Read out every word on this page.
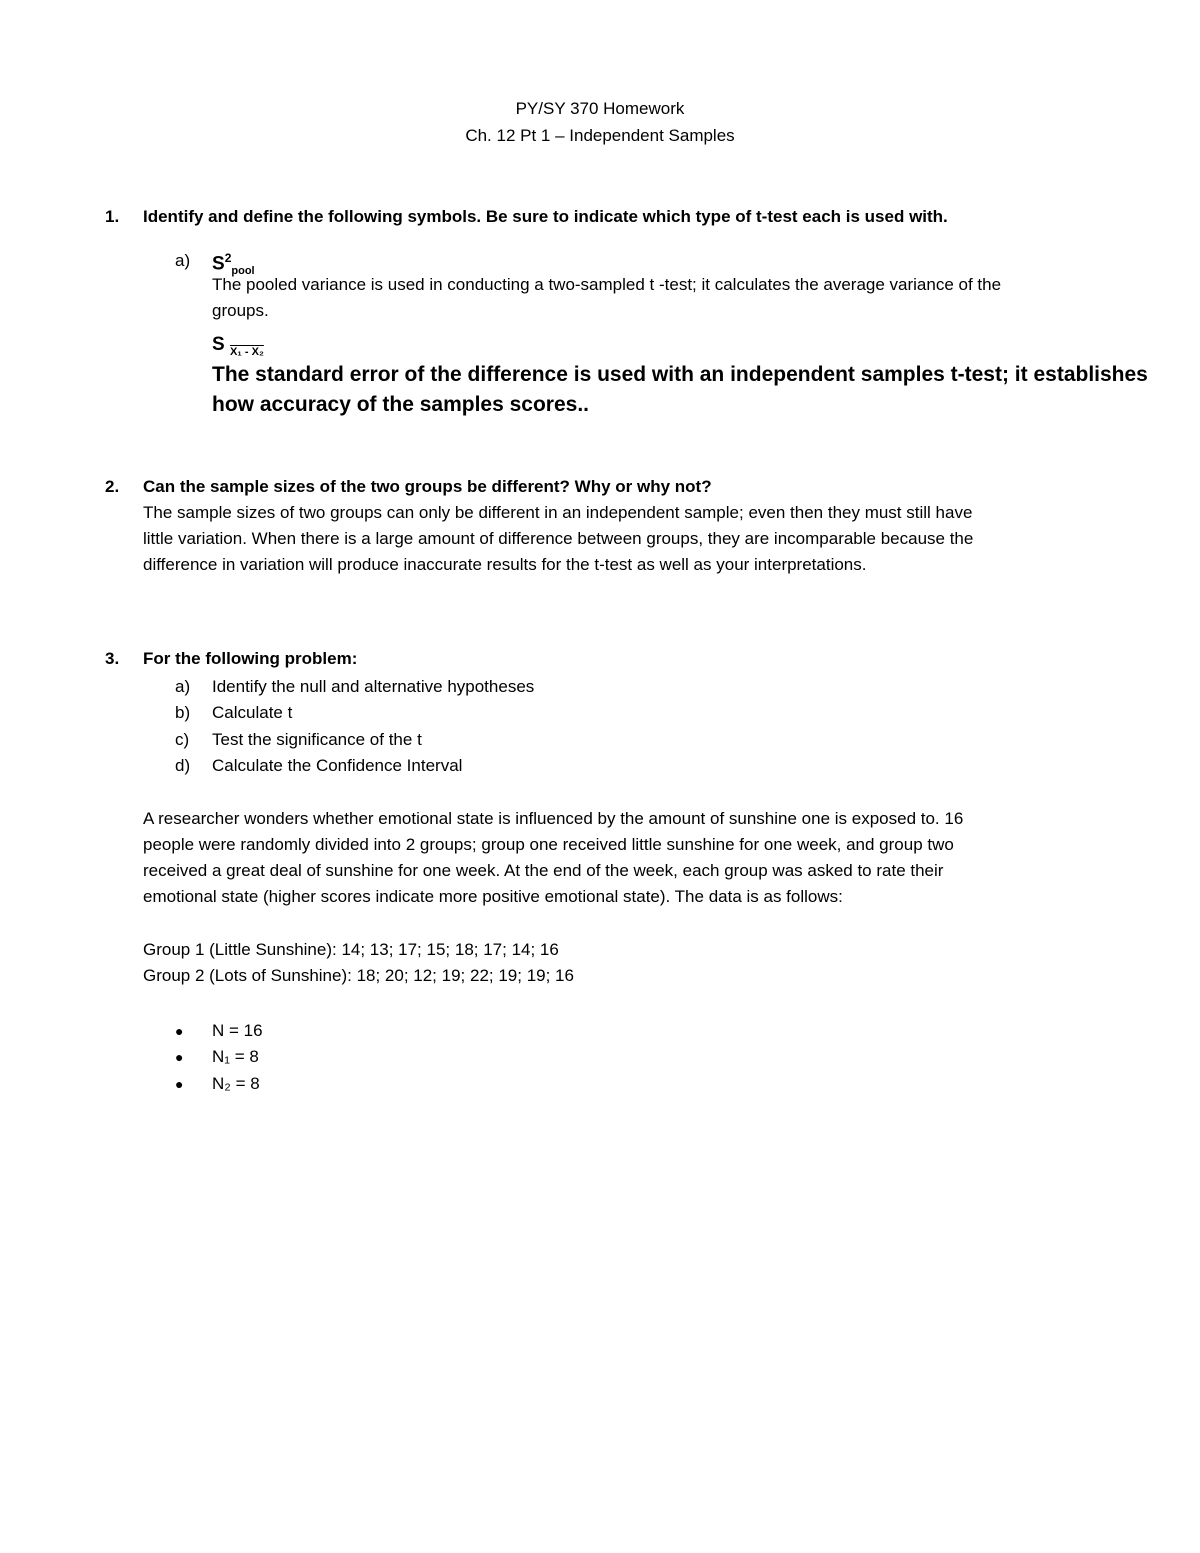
PY/SY 370 Homework
Ch. 12 Pt 1 – Independent Samples
1.	Identify and define the following symbols. Be sure to indicate which type of t-test each is used with.
a) $S^2_{pool}$
The pooled variance is used in conducting a two-sampled t -test; it calculates the average variance of the
groups.
S $_{X_1 - X_2}$
The standard error of the difference is used with an independent samples t-test; it establishes
how accuracy of the samples scores..
2.	Can the sample sizes of the two groups be different? Why or why not?
The sample sizes of two groups can only be different in an independent sample; even then they must still have
little variation. When there is a large amount of difference between groups, they are incomparable because the
difference in variation will produce inaccurate results for the t-test as well as your interpretations.
3.	For the following problem:
a) Identify the null and alternative hypotheses
b) Calculate t
c) Test the significance of the t
d) Calculate the Confidence Interval
A researcher wonders whether emotional state is influenced by the amount of sunshine one is exposed to. 16
people were randomly divided into 2 groups; group one received little sunshine for one week, and group two
received a great deal of sunshine for one week. At the end of the week, each group was asked to rate their
emotional state (higher scores indicate more positive emotional state). The data is as follows:
Group 1 (Little Sunshine): 14; 13; 17; 15; 18; 17; 14; 16
Group 2 (Lots of Sunshine): 18; 20; 12; 19; 22; 19; 19; 16
● N = 16
● N₁ = 8
● N₂ = 8
